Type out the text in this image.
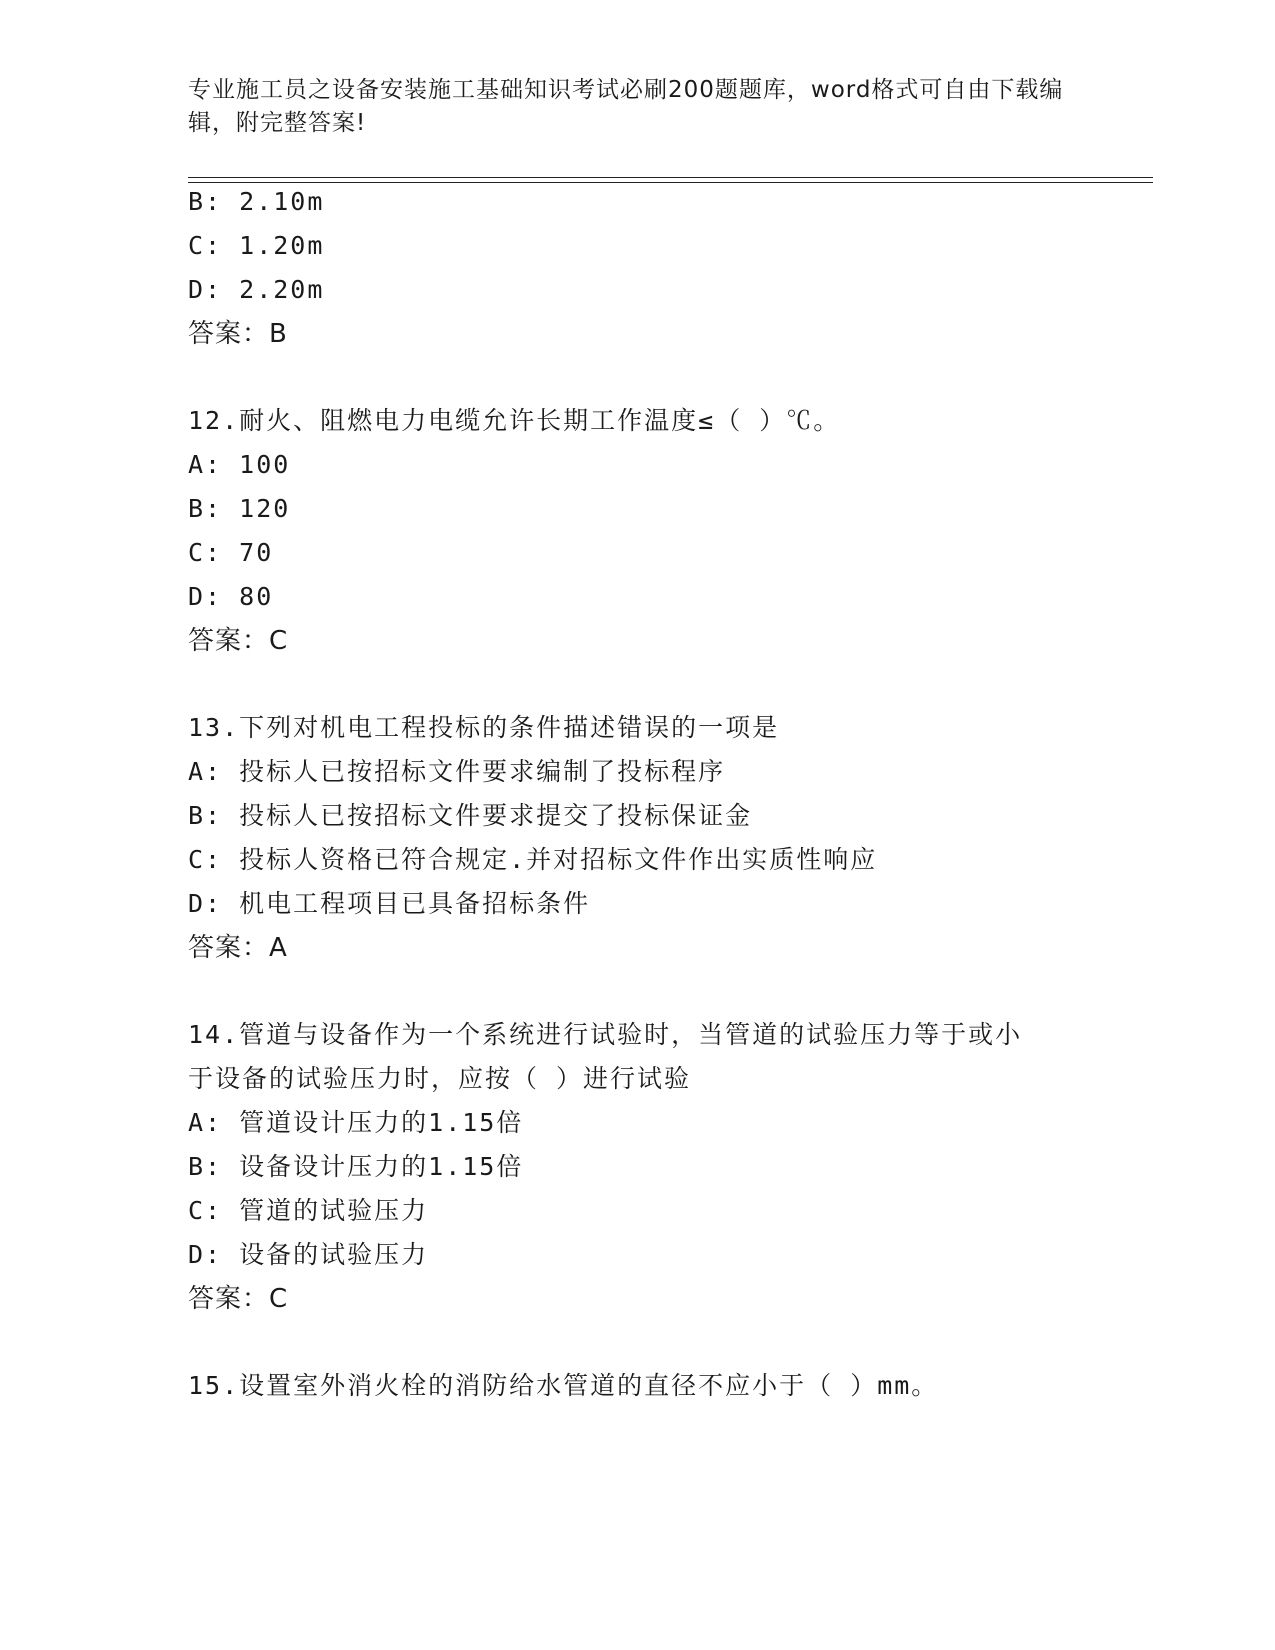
专业施工员之设备安装施工基础知识考试必刷200题题库，word格式可自由下载编辑，附完整答案!
B: 2.10m
C: 1.20m
D: 2.20m
答案：B
12.耐火、阻燃电力电缆允许长期工作温度≤（ ）℃。
A: 100
B: 120
C: 70
D: 80
答案：C
13.下列对机电工程投标的条件描述错误的一项是
A: 投标人已按招标文件要求编制了投标程序
B: 投标人已按招标文件要求提交了投标保证金
C: 投标人资格已符合规定.并对招标文件作出实质性响应
D: 机电工程项目已具备招标条件
答案：A
14.管道与设备作为一个系统进行试验时，当管道的试验压力等于或小
于设备的试验压力时，应按（ ）进行试验
A: 管道设计压力的1.15倍
B: 设备设计压力的1.15倍
C: 管道的试验压力
D: 设备的试验压力
答案：C
15.设置室外消火栓的消防给水管道的直径不应小于（ ）mm。
